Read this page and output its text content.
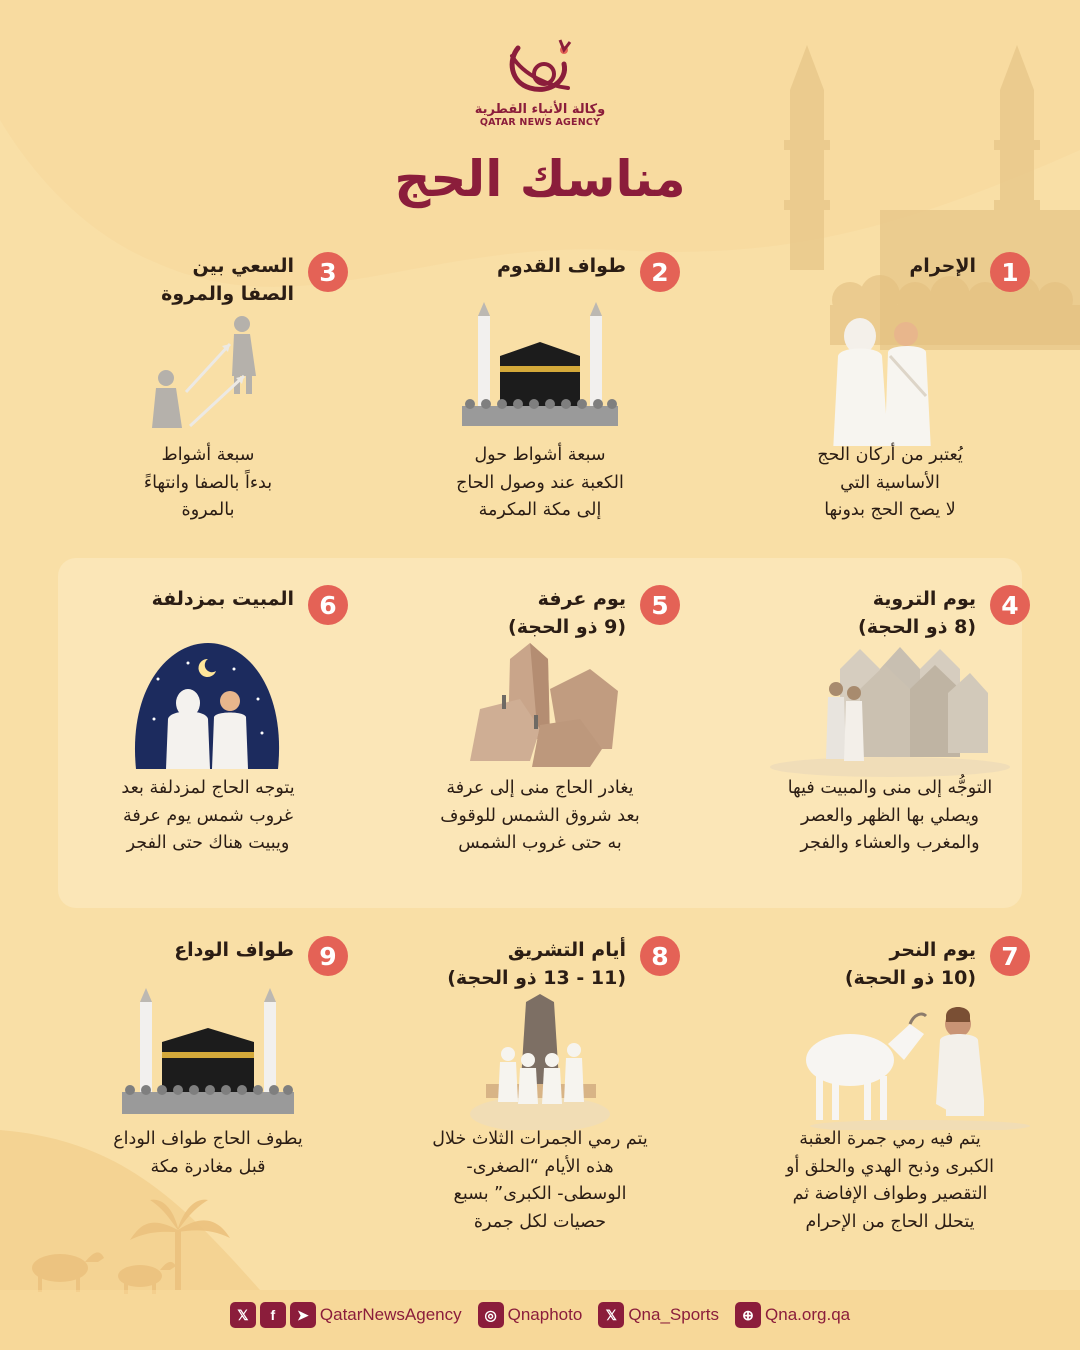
وكالة الأنباء القطرية
QATAR NEWS AGENCY
مناسك الحج
1
الإحرام
يُعتبر من أركان الحج
الأساسية التي
لا يصح الحج بدونها
2
طواف القدوم
سبعة أشواط حول
الكعبة عند وصول الحاج
إلى مكة المكرمة
3
السعي بين
الصفا والمروة
سبعة أشواط
بدءاً بالصفا وانتهاءً
بالمروة
4
يوم التروية
(8 ذو الحجة)
التوجُّه إلى منى والمبيت فيها
ويصلي بها الظهر والعصر
والمغرب والعشاء والفجر
5
يوم عرفة
(9 ذو الحجة)
يغادر الحاج منى إلى عرفة
بعد شروق الشمس للوقوف
به حتى غروب الشمس
6
المبيت بمزدلفة
يتوجه الحاج لمزدلفة بعد
غروب شمس يوم عرفة
ويبيت هناك حتى الفجر
7
يوم النحر
(10 ذو الحجة)
يتم فيه رمي جمرة العقبة
الكبرى وذبح الهدي والحلق أو
التقصير وطواف الإفاضة ثم
يتحلل الحاج من الإحرام
8
أيام التشريق
(11 - 13 ذو الحجة)
يتم رمي الجمرات الثلاث خلال
هذه الأيام “الصغرى-
الوسطى- الكبرى” بسبع
حصيات لكل جمرة
9
طواف الوداع
يطوف الحاج طواف الوداع
قبل مغادرة مكة
𝕏	f	➤ QatarNewsAgency	◎ Qnaphoto	𝕏 Qna_Sports	⊕ Qna.org.qa
